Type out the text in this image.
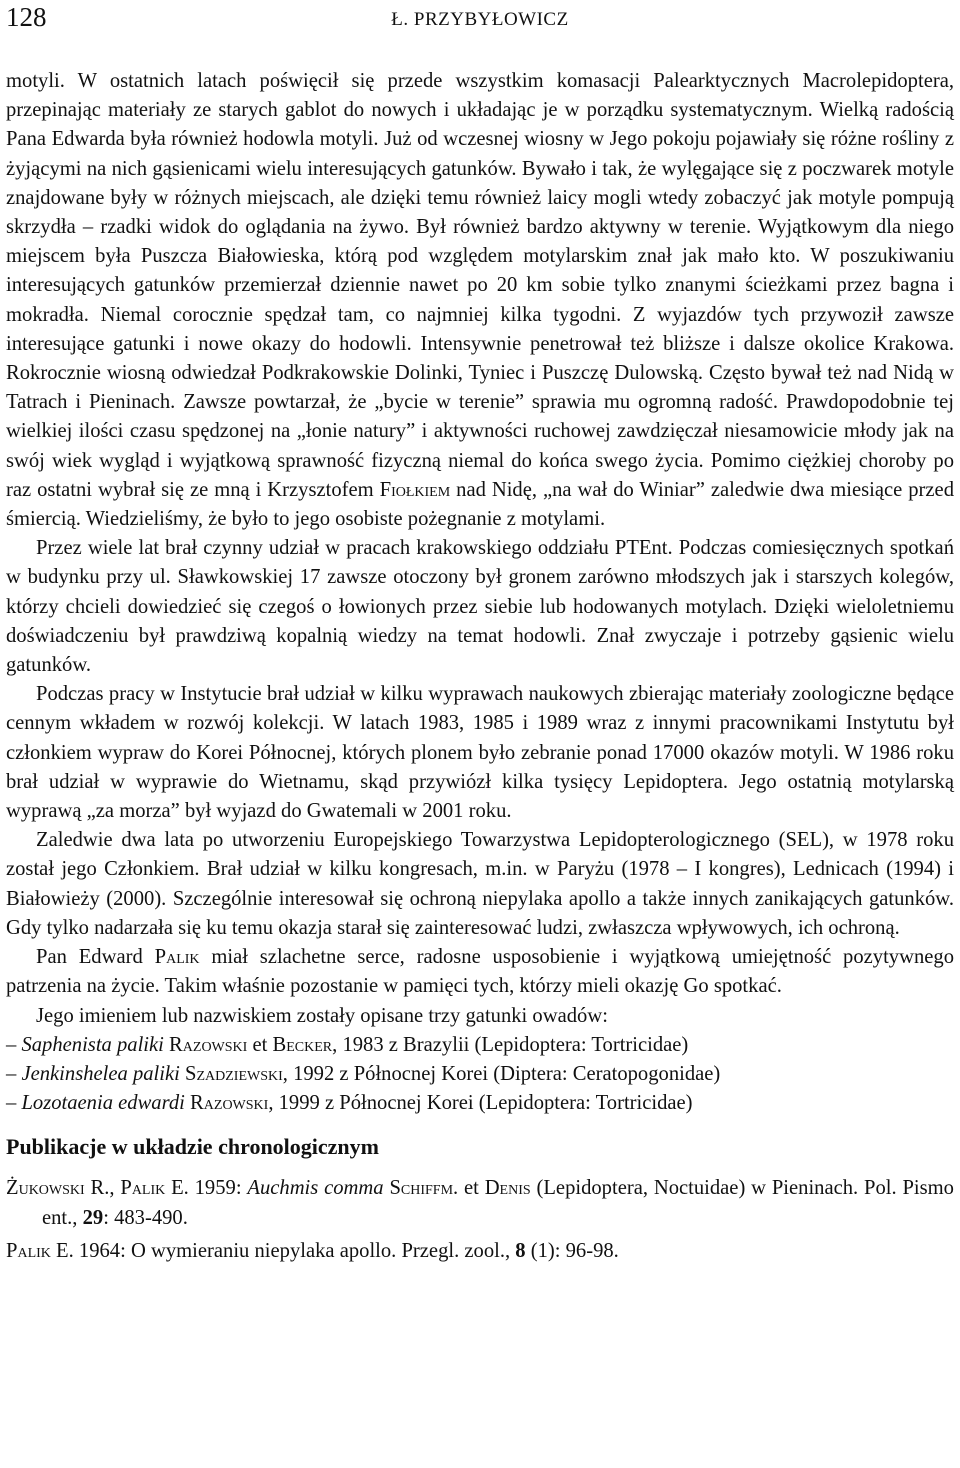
128	Ł. PRZYBYŁOWICZ

motyli. W ostatnich latach poświęcił się przede wszystkim komasacji Palearktycznych Macrolepidoptera, przepinając materiały ze starych gablot do nowych i układając je w porządku systematycznym. Wielką radością Pana Edwarda była również hodowla motyli. Już od wczesnej wiosny w Jego pokoju pojawiały się różne rośliny z żyjącymi na nich gąsienicami wielu interesujących gatunków. Bywało i tak, że wylęgające się z poczwarek motyle znajdowane były w różnych miejscach, ale dzięki temu również laicy mogli wtedy zobaczyć jak motyle pompują skrzydła – rzadki widok do oglądania na żywo. Był również bardzo aktywny w terenie. Wyjątkowym dla niego miejscem była Puszcza Białowieska, którą pod względem motylarskim znał jak mało kto. W poszukiwaniu interesujących gatunków przemierzał dziennie nawet po 20 km sobie tylko znanymi ścieżkami przez bagna i mokradła. Niemal corocznie spędzał tam, co najmniej kilka tygodni. Z wyjazdów tych przywoził zawsze interesujące gatunki i nowe okazy do hodowli. Intensywnie penetrował też bliższe i dalsze okolice Krakowa. Rokrocznie wiosną odwiedzał Podkrakowskie Dolinki, Tyniec i Puszczę Dulowską. Często bywał też nad Nidą w Tatrach i Pieninach. Zawsze powtarzał, że „bycie w terenie” sprawia mu ogromną radość. Prawdopodobnie tej wielkiej ilości czasu spędzonej na „łonie natury” i aktywności ruchowej zawdzięczał niesamowicie młody jak na swój wiek wygląd i wyjątkową sprawność fizyczną niemal do końca swego życia. Pomimo ciężkiej choroby po raz ostatni wybrał się ze mną i Krzysztofem Fiołkiem nad Nidę, „na wał do Winiar” zaledwie dwa miesiące przed śmiercią. Wiedzieliśmy, że było to jego osobiste pożegnanie z motylami.

Przez wiele lat brał czynny udział w pracach krakowskiego oddziału PTEnt. Podczas comiesięcznych spotkań w budynku przy ul. Sławkowskiej 17 zawsze otoczony był gronem zarówno młodszych jak i starszych kolegów, którzy chcieli dowiedzieć się czegoś o łowionych przez siebie lub hodowanych motylach. Dzięki wieloletniemu doświadczeniu był prawdziwą kopalnią wiedzy na temat hodowli. Znał zwyczaje i potrzeby gąsienic wielu gatunków.

Podczas pracy w Instytucie brał udział w kilku wyprawach naukowych zbierając materiały zoologiczne będące cennym wkładem w rozwój kolekcji. W latach 1983, 1985 i 1989 wraz z innymi pracownikami Instytutu był członkiem wypraw do Korei Północnej, których plonem było zebranie ponad 17000 okazów motyli. W 1986 roku brał udział w wyprawie do Wietnamu, skąd przywiózł kilka tysięcy Lepidoptera. Jego ostatnią motylarską wyprawą „za morza” był wyjazd do Gwatemali w 2001 roku.

Zaledwie dwa lata po utworzeniu Europejskiego Towarzystwa Lepidopterologicznego (SEL), w 1978 roku został jego Członkiem. Brał udział w kilku kongresach, m.in. w Paryżu (1978 – I kongres), Lednicach (1994) i Białowieży (2000). Szczególnie interesował się ochroną niepylaka apollo a także innych zanikających gatunków. Gdy tylko nadarzała się ku temu okazja starał się zainteresować ludzi, zwłaszcza wpływowych, ich ochroną.

Pan Edward Palik miał szlachetne serce, radosne usposobienie i wyjątkową umiejętność pozytywnego patrzenia na życie. Takim właśnie pozostanie w pamięci tych, którzy mieli okazję Go spotkać.

Jego imieniem lub nazwiskiem zostały opisane trzy gatunki owadów:

– Saphenista paliki Razowski et Becker, 1983 z Brazylii (Lepidoptera: Tortricidae)
– Jenkinshelea paliki Szadziewski, 1992 z Północnej Korei (Diptera: Ceratopogonidae)
– Lozotaenia edwardi Razowski, 1999 z Północnej Korei (Lepidoptera: Tortricidae)
Publikacje w układzie chronologicznym

Żukowski R., Palik E. 1959: Auchmis comma Schiffm. et Denis (Lepidoptera, Noctuidae) w Pieninach. Pol. Pismo ent., 29: 483-490.

Palik E. 1964: O wymieraniu niepylaka apollo. Przegl. zool., 8 (1): 96-98.
